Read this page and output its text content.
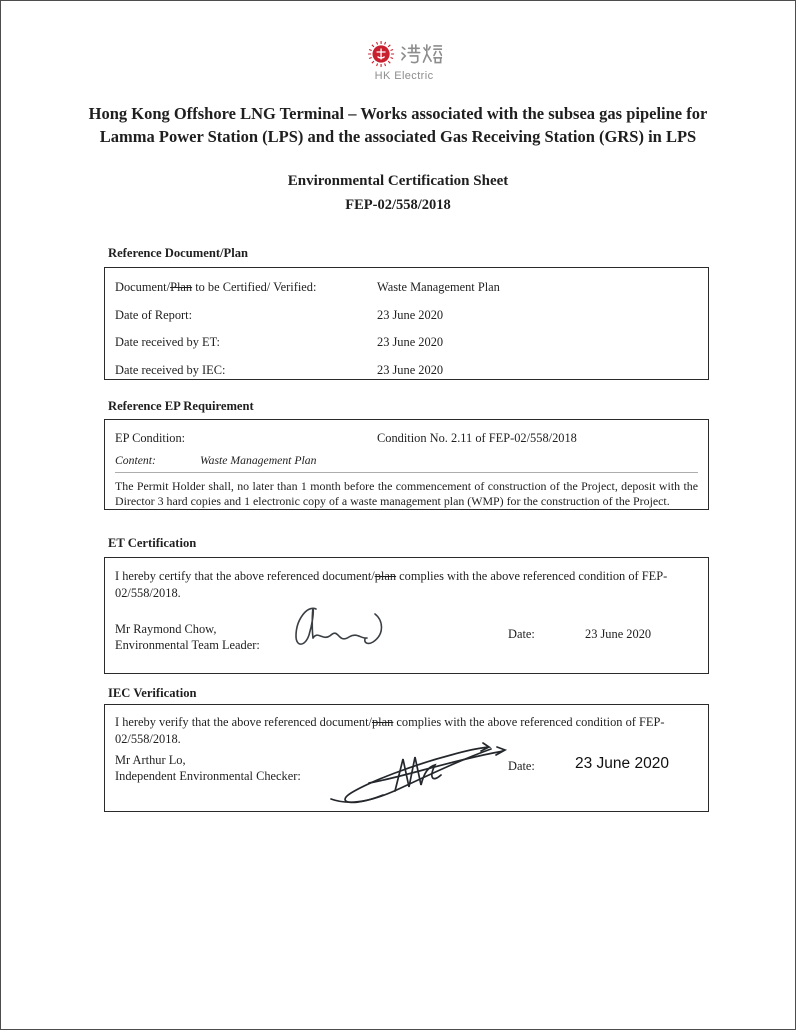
HK Electric
Hong Kong Offshore LNG Terminal – Works associated with the subsea gas pipeline for Lamma Power Station (LPS) and the associated Gas Receiving Station (GRS) in LPS
Environmental Certification Sheet
FEP-02/558/2018
Reference Document/Plan
Document/Plan to be Certified/ Verified:	Waste Management Plan
Date of Report:	23 June 2020
Date received by ET:	23 June 2020
Date received by IEC:	23 June 2020
Reference EP Requirement
EP Condition:	Condition No. 2.11 of FEP-02/558/2018
Content:	Waste Management Plan
The Permit Holder shall, no later than 1 month before the commencement of construction of the Project, deposit with the Director 3 hard copies and 1 electronic copy of a waste management plan (WMP) for the construction of the Project.
ET Certification
I hereby certify that the above referenced document/plan complies with the above referenced condition of FEP-02/558/2018.
Mr Raymond Chow,
Environmental Team Leader:
Date:	23 June 2020
IEC Verification
I hereby verify that the above referenced document/plan complies with the above referenced condition of FEP-02/558/2018.
Mr Arthur Lo,
Independent Environmental Checker:
Date:	23 June 2020
